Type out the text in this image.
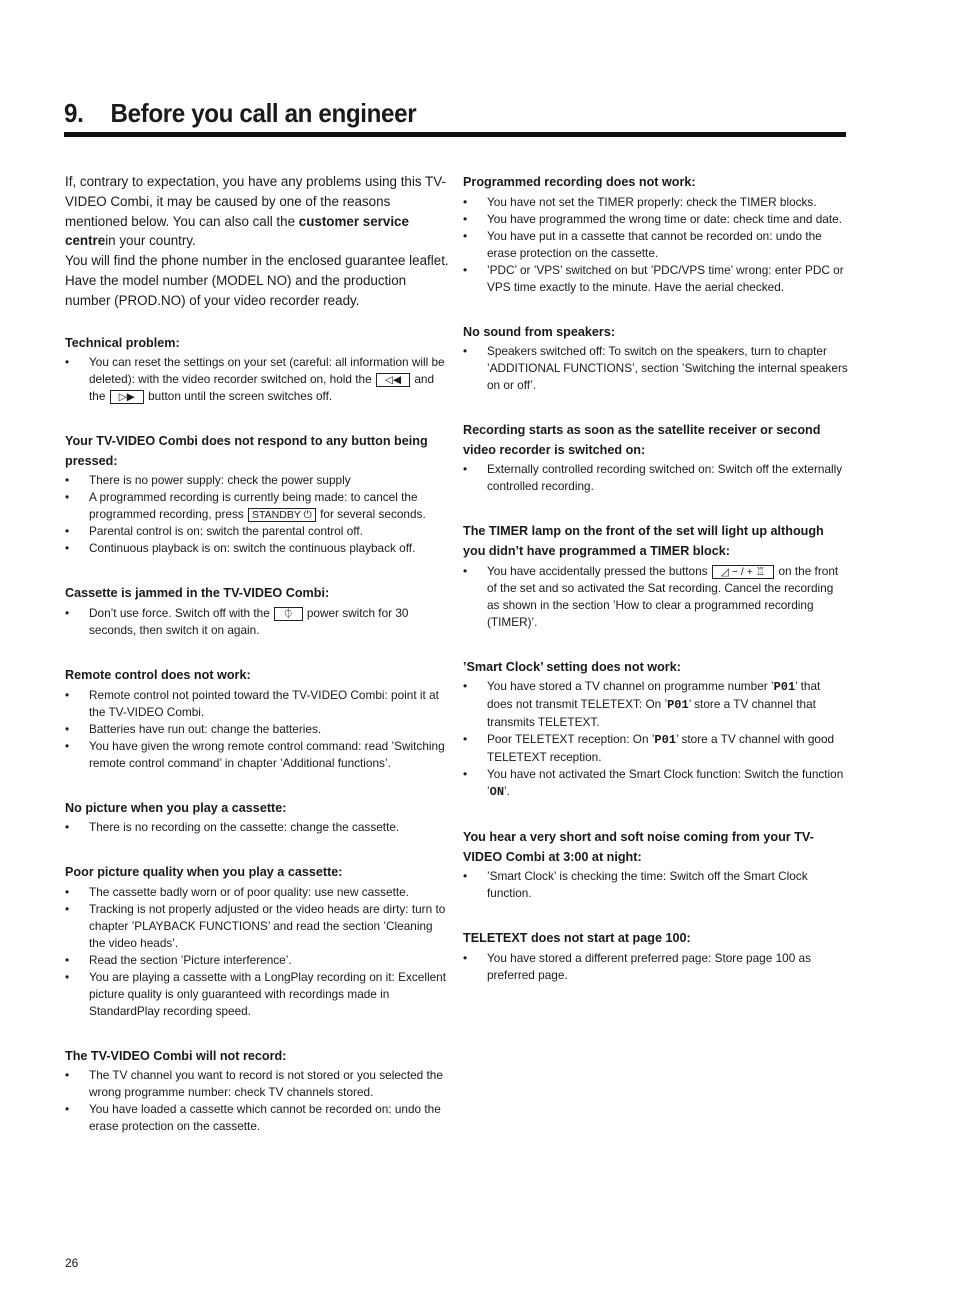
9. Before you call an engineer

If, contrary to expectation, you have any problems using this TV-VIDEO Combi, it may be caused by one of the reasons mentioned below. You can also call the customer service centrein your country.

You will find the phone number in the enclosed guarantee leaflet. Have the model number (MODEL NO) and the production number (PROD.NO) of your video recorder ready.

Technical problem:
• You can reset the settings on your set (careful: all information will be deleted): with the video recorder switched on, hold the ◁◀ and the ▷▶ button until the screen switches off.
Your TV-VIDEO Combi does not respond to any button being pressed:
• There is no power supply: check the power supply
• A programmed recording is currently being made: to cancel the programmed recording, press STANDBY ⏻ for several seconds.
• Parental control is on: switch the parental control off.
• Continuous playback is on: switch the continuous playback off.
Cassette is jammed in the TV-VIDEO Combi:
• Don’t use force. Switch off with the ⏀ power switch for 30 seconds, then switch it on again.
Remote control does not work:
• Remote control not pointed toward the TV-VIDEO Combi: point it at the TV-VIDEO Combi.
• Batteries have run out: change the batteries.
• You have given the wrong remote control command: read ’Switching remote control command’ in chapter ’Additional functions’.
No picture when you play a cassette:
• There is no recording on the cassette: change the cassette.
Poor picture quality when you play a cassette:
• The cassette badly worn or of poor quality: use new cassette.
• Tracking is not properly adjusted or the video heads are dirty: turn to chapter ’PLAYBACK FUNCTIONS’ and read the section ’Cleaning the video heads’.
• Read the section ’Picture interference’.
• You are playing a cassette with a LongPlay recording on it: Excellent picture quality is only guaranteed with recordings made in StandardPlay recording speed.
The TV-VIDEO Combi will not record:
• The TV channel you want to record is not stored or you selected the wrong programme number: check TV channels stored.
• You have loaded a cassette which cannot be recorded on: undo the erase protection on the cassette.
Programmed recording does not work:
• You have not set the TIMER properly: check the TIMER blocks.
• You have programmed the wrong time or date: check time and date.
• You have put in a cassette that cannot be recorded on: undo the erase protection on the cassette.
• ’PDC’ or ’VPS’ switched on but ’PDC/VPS time’ wrong: enter PDC or VPS time exactly to the minute. Have the aerial checked.
No sound from speakers:
• Speakers switched off: To switch on the speakers, turn to chapter ’ADDITIONAL FUNCTIONS’, section ’Switching the internal speakers on or off’.
Recording starts as soon as the satellite receiver or second video recorder is switched on:
• Externally controlled recording switched on: Switch off the externally controlled recording.
The TIMER lamp on the front of the set will light up although you didn’t have programmed a TIMER block:
• You have accidentally pressed the buttons ◿ − / + ♖ on the front of the set and so activated the Sat recording. Cancel the recording as shown in the section ’How to clear a programmed recording (TIMER)’.
’Smart Clock’ setting does not work:
• You have stored a TV channel on programme number ’P01’ that does not transmit TELETEXT: On ’P01’ store a TV channel that transmits TELETEXT.
• Poor TELETEXT reception: On ’P01’ store a TV channel with good TELETEXT reception.
• You have not activated the Smart Clock function: Switch the function ’ON’.
You hear a very short and soft noise coming from your TV-VIDEO Combi at 3:00 at night:
• ’Smart Clock’ is checking the time: Switch off the Smart Clock function.
TELETEXT does not start at page 100:
• You have stored a different preferred page: Store page 100 as preferred page.
26
